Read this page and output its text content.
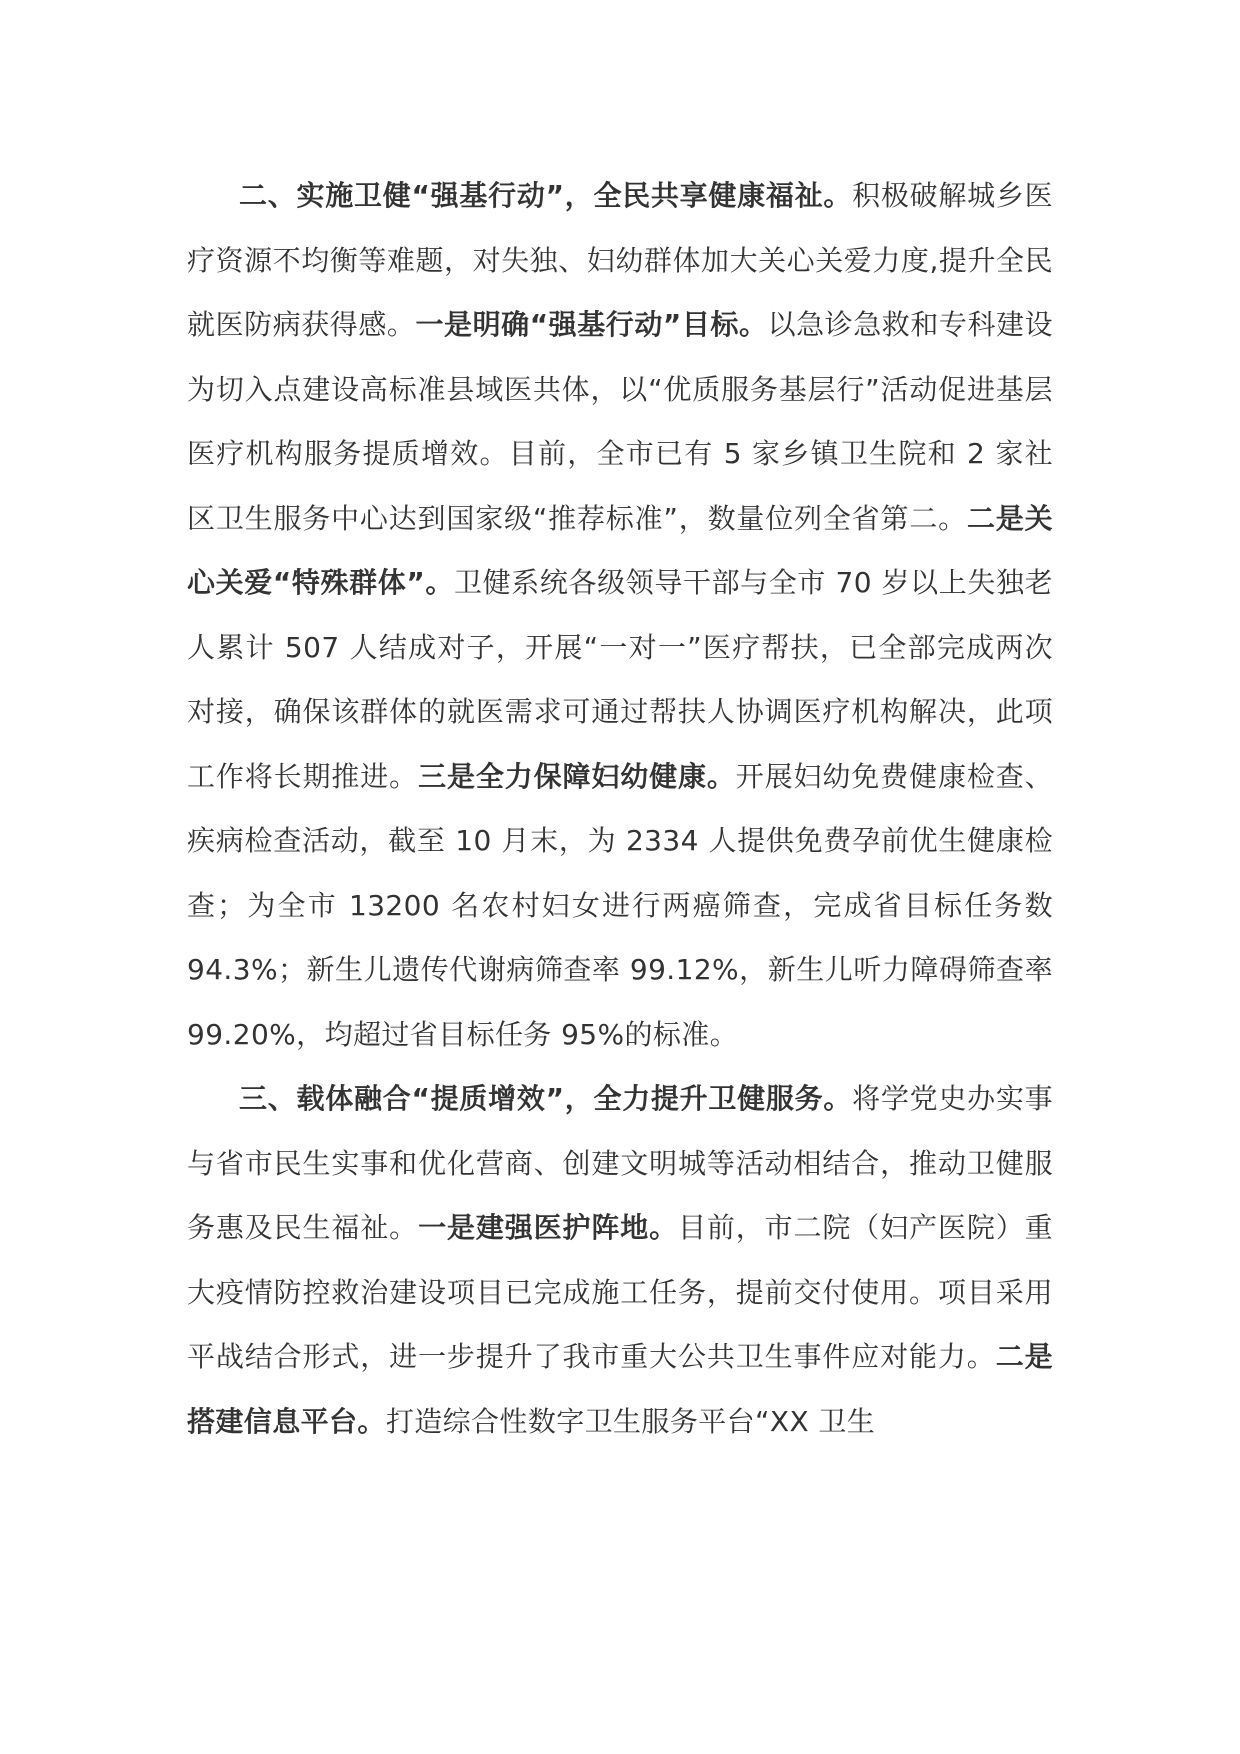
二、实施卫健“强基行动”，全民共享健康福祉。积极破解城乡医疗资源不均衡等难题，对失独、妇幼群体加大关心关爱力度,提升全民就医防病获得感。一是明确“强基行动”目标。以急诊急救和专科建设为切入点建设高标准县域医共体，以“优质服务基层行”活动促进基层医疗机构服务提质增效。目前，全市已有 5 家乡镇卫生院和 2 家社区卫生服务中心达到国家级“推荐标准”，数量位列全省第二。二是关心关爱“特殊群体”。卫健系统各级领导干部与全市 70 岁以上失独老人累计 507 人结成对子，开展“一对一”医疗帮扶，已全部完成两次对接，确保该群体的就医需求可通过帮扶人协调医疗机构解决，此项工作将长期推进。三是全力保障妇幼健康。开展妇幼免费健康检查、疾病检查活动，截至 10 月末，为 2334 人提供免费孕前优生健康检查；为全市 13200 名农村妇女进行两癌筛查，完成省目标任务数 94.3%；新生儿遗传代谢病筛查率 99.12%，新生儿听力障碍筛查率 99.20%，均超过省目标任务 95%的标准。

三、载体融合“提质增效”，全力提升卫健服务。将学党史办实事与省市民生实事和优化营商、创建文明城等活动相结合，推动卫健服务惠及民生福祉。一是建强医护阵地。目前，市二院（妇产医院）重大疫情防控救治建设项目已完成施工任务，提前交付使用。项目采用平战结合形式，进一步提升了我市重大公共卫生事件应对能力。二是搭建信息平台。打造综合性数字卫生服务平台“XX 卫生
